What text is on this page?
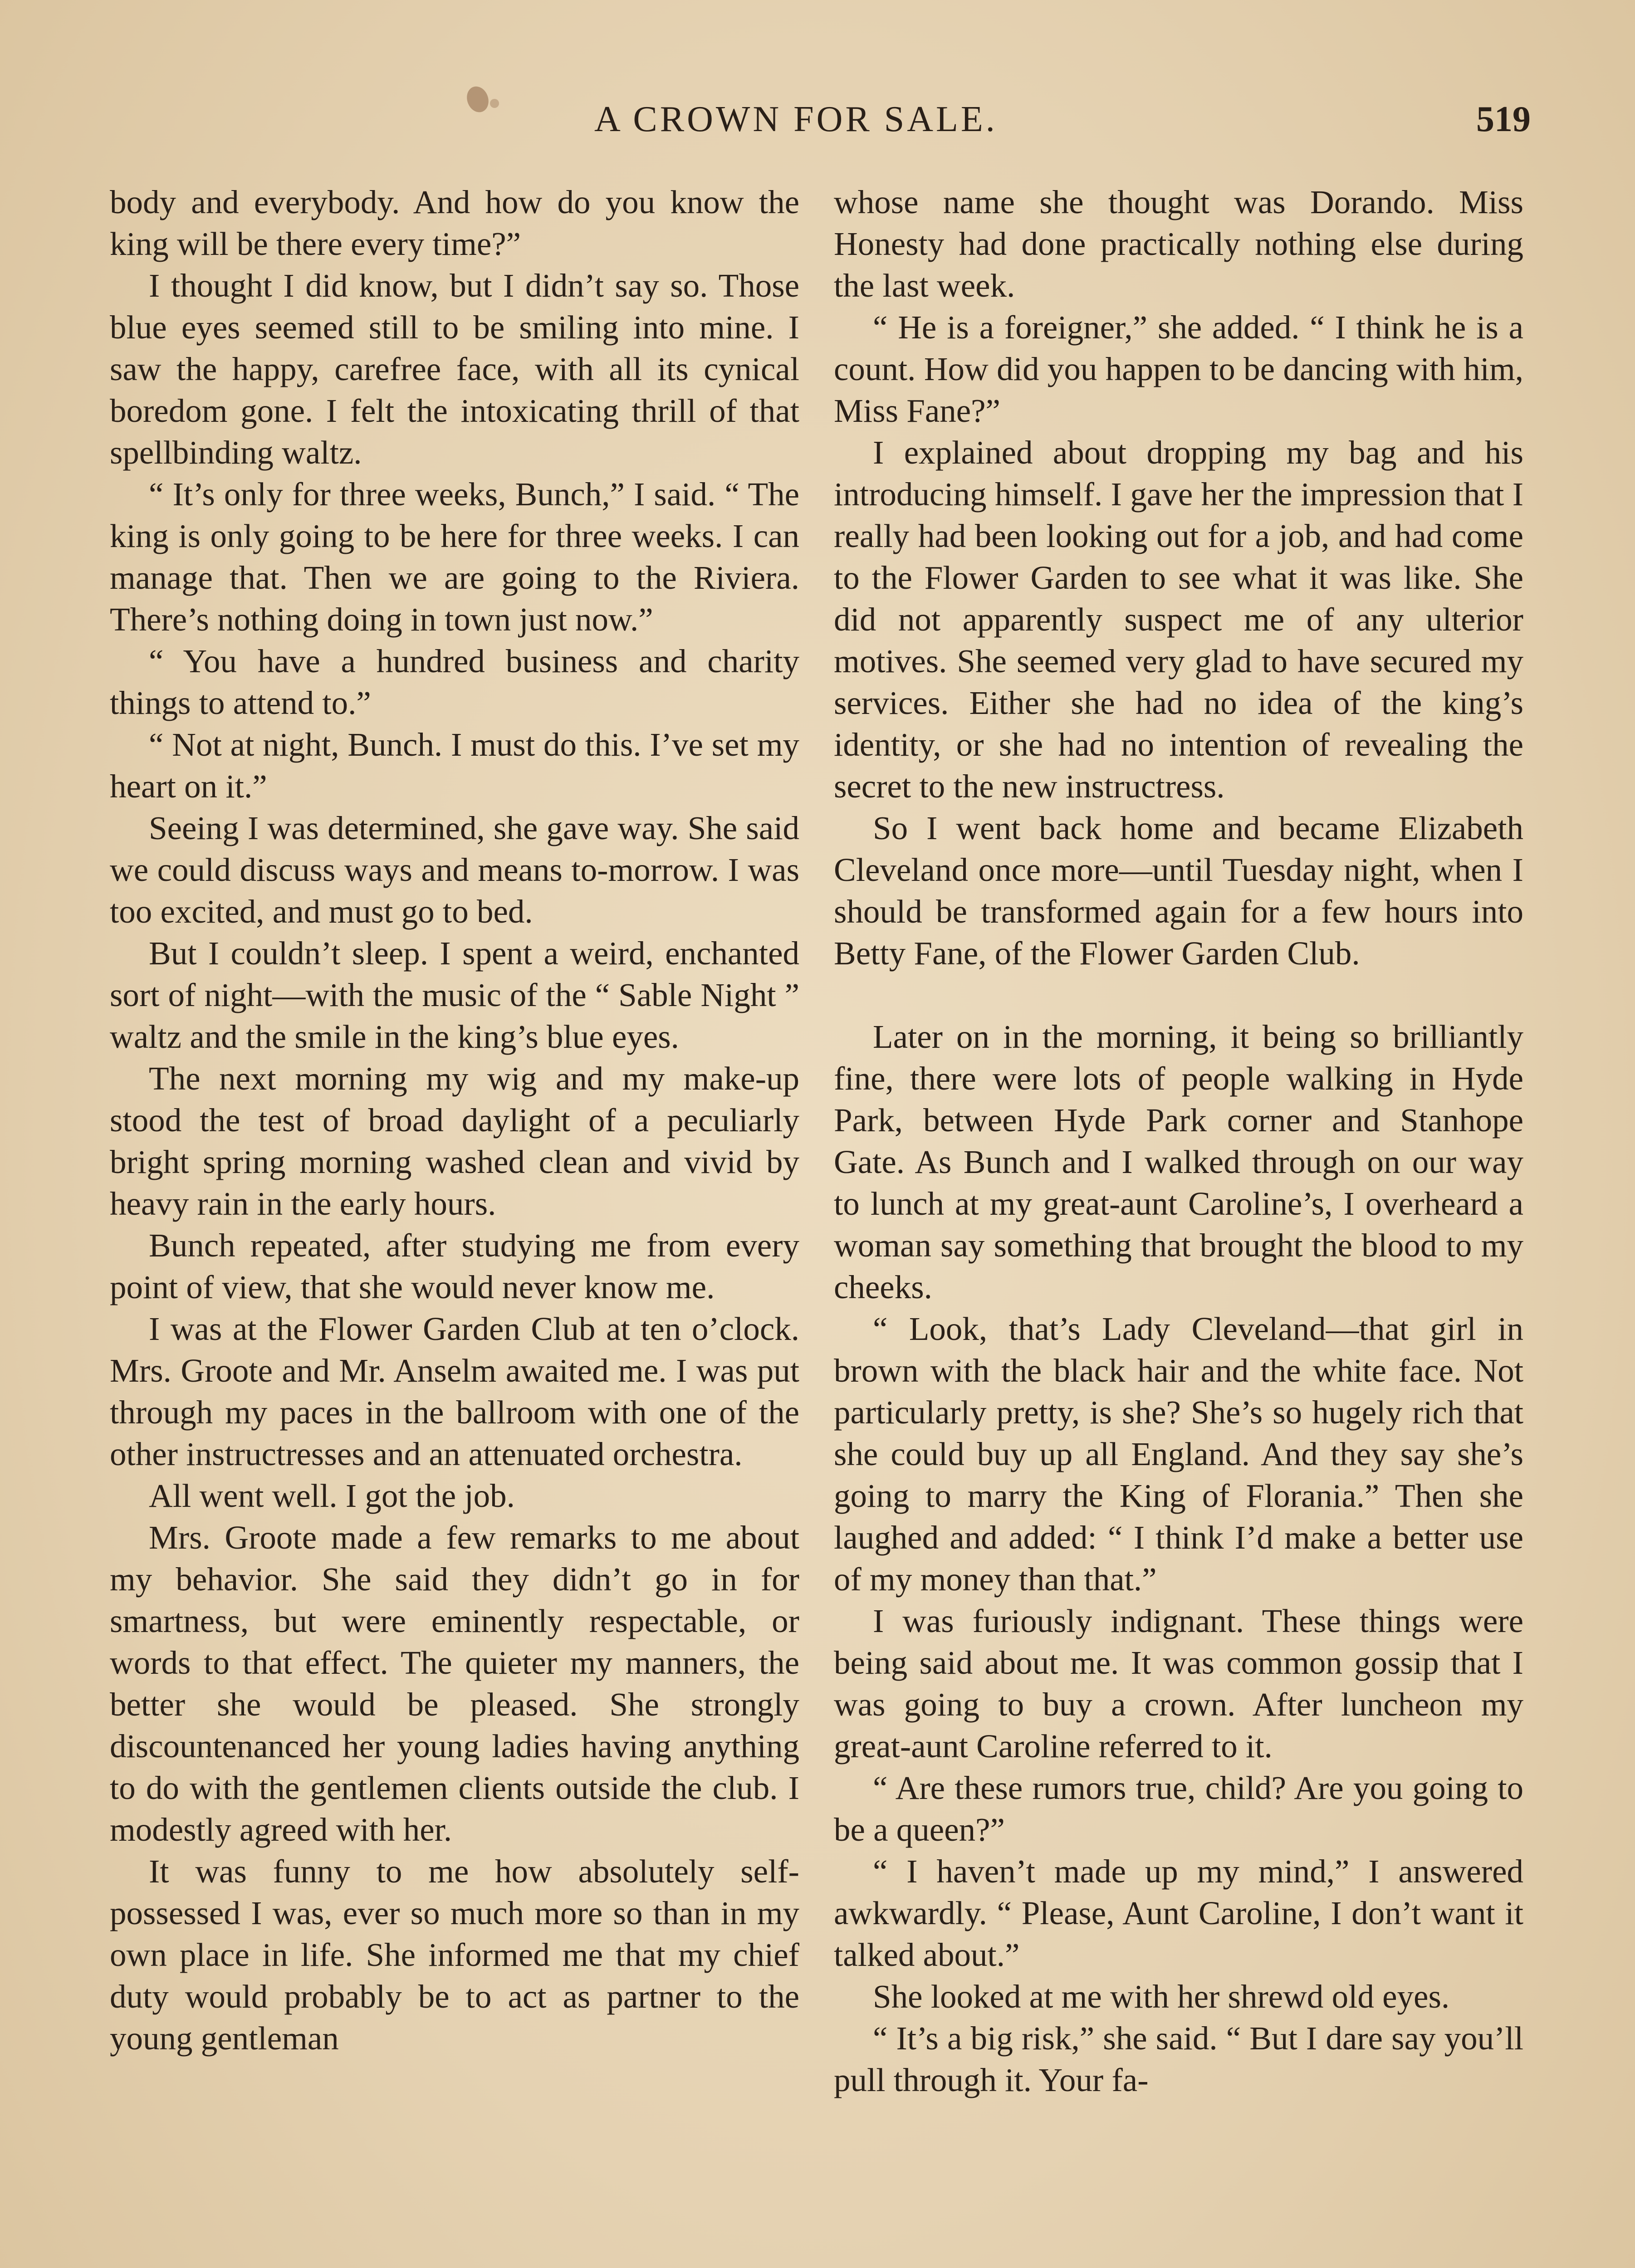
A CROWN FOR SALE.	519

body and everybody. And how do you know the king will be there every time?”

I thought I did know, but I didn’t say so. Those blue eyes seemed still to be smiling into mine. I saw the happy, carefree face, with all its cynical boredom gone. I felt the intoxicating thrill of that spellbinding waltz.

“ It’s only for three weeks, Bunch,” I said. “ The king is only going to be here for three weeks. I can manage that. Then we are going to the Riviera. There’s nothing doing in town just now.”

“ You have a hundred business and charity things to attend to.”

“ Not at night, Bunch. I must do this. I’ve set my heart on it.”

Seeing I was determined, she gave way. She said we could discuss ways and means to-morrow. I was too excited, and must go to bed.

But I couldn’t sleep. I spent a weird, enchanted sort of night—with the music of the “ Sable Night ” waltz and the smile in the king’s blue eyes.

The next morning my wig and my make-up stood the test of broad daylight of a peculiarly bright spring morning washed clean and vivid by heavy rain in the early hours.

Bunch repeated, after studying me from every point of view, that she would never know me.

I was at the Flower Garden Club at ten o’clock. Mrs. Groote and Mr. Anselm awaited me. I was put through my paces in the ballroom with one of the other instructresses and an attenuated orchestra.

All went well. I got the job.

Mrs. Groote made a few remarks to me about my behavior. She said they didn’t go in for smartness, but were eminently respectable, or words to that effect. The quieter my manners, the better she would be pleased. She strongly discountenanced her young ladies having anything to do with the gentlemen clients outside the club. I modestly agreed with her.

It was funny to me how absolutely self-possessed I was, ever so much more so than in my own place in life. She informed me that my chief duty would probably be to act as partner to the young gentleman

whose name she thought was Dorando. Miss Honesty had done practically nothing else during the last week.

“ He is a foreigner,” she added. “ I think he is a count. How did you happen to be dancing with him, Miss Fane?”

I explained about dropping my bag and his introducing himself. I gave her the impression that I really had been looking out for a job, and had come to the Flower Garden to see what it was like. She did not apparently suspect me of any ulterior motives. She seemed very glad to have secured my services. Either she had no idea of the king’s identity, or she had no intention of revealing the secret to the new instructress.

So I went back home and became Elizabeth Cleveland once more—until Tuesday night, when I should be transformed again for a few hours into Betty Fane, of the Flower Garden Club.

Later on in the morning, it being so brilliantly fine, there were lots of people walking in Hyde Park, between Hyde Park corner and Stanhope Gate. As Bunch and I walked through on our way to lunch at my great-aunt Caroline’s, I overheard a woman say something that brought the blood to my cheeks.

“ Look, that’s Lady Cleveland—that girl in brown with the black hair and the white face. Not particularly pretty, is she? She’s so hugely rich that she could buy up all England. And they say she’s going to marry the King of Florania.” Then she laughed and added: “ I think I’d make a better use of my money than that.”

I was furiously indignant. These things were being said about me. It was common gossip that I was going to buy a crown. After luncheon my great-aunt Caroline referred to it.

“ Are these rumors true, child? Are you going to be a queen?”

“ I haven’t made up my mind,” I answered awkwardly. “ Please, Aunt Caroline, I don’t want it talked about.”

She looked at me with her shrewd old eyes.

“ It’s a big risk,” she said. “ But I dare say you’ll pull through it. Your fa-
